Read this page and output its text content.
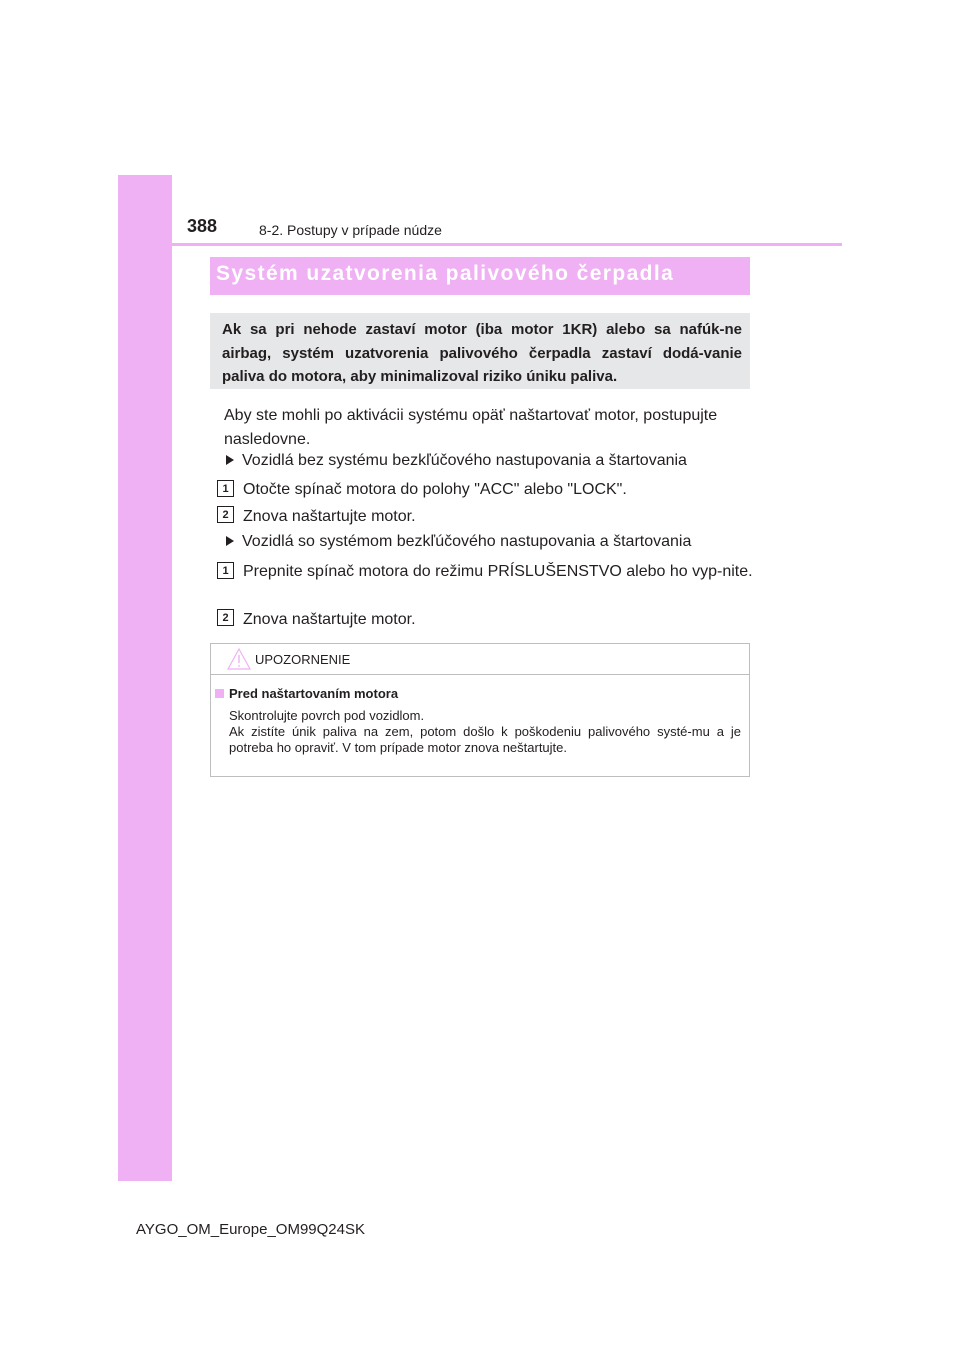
388	8-2. Postupy v prípade núdze
Systém uzatvorenia palivového čerpadla
Ak sa pri nehode zastaví motor (iba motor 1KR) alebo sa nafúk-ne airbag, systém uzatvorenia palivového čerpadla zastaví dodá-vanie paliva do motora, aby minimalizoval riziko úniku paliva.
Aby ste mohli po aktivácii systému opäť naštartovať motor, postupujte nasledovne.
Vozidlá bez systému bezkľúčového nastupovania a štartovania
1 Otočte spínač motora do polohy "ACC" alebo "LOCK".
2 Znova naštartujte motor.
Vozidlá so systémom bezkľúčového nastupovania a štartovania
1 Prepnite spínač motora do režimu PRÍSLUŠENSTVO alebo ho vyp-nite.
2 Znova naštartujte motor.
UPOZORNENIE
Pred naštartovaním motora
Skontrolujte povrch pod vozidlom.
Ak zistíte únik paliva na zem, potom došlo k poškodeniu palivového systé-mu a je potreba ho opraviť. V tom prípade motor znova neštartujte.
AYGO_OM_Europe_OM99Q24SK
